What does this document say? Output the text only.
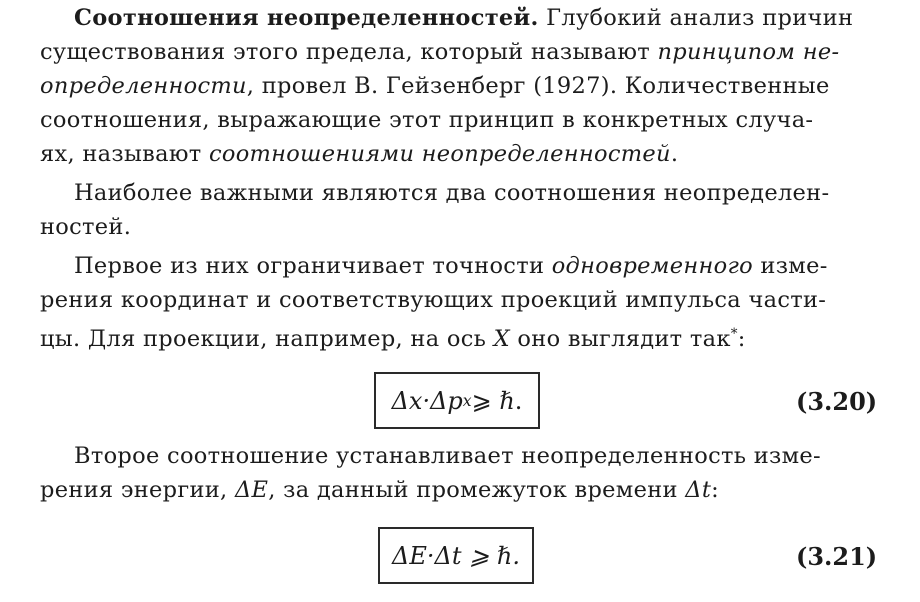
Соотношения неопределенностей. Глубокий анализ причин
существования этого предела, который называют принципом не-
определенности, провел В. Гейзенберг (1927). Количественные
соотношения, выражающие этот принцип в конкретных случа-
ях, называют соотношениями неопределенностей.
Наиболее важными являются два соотношения неопределен-
ностей.
Первое из них ограничивает точности одновременного изме-
рения координат и соответствующих проекций импульса части-
цы. Для проекции, например, на ось X оно выглядит так*:
Δx·Δp x ⩾ ℏ.	(3.20)
Второе соотношение устанавливает неопределенность изме-
рения энергии, ΔE, за данный промежуток времени Δt:
ΔE·Δt ⩾ ℏ.	(3.21)
